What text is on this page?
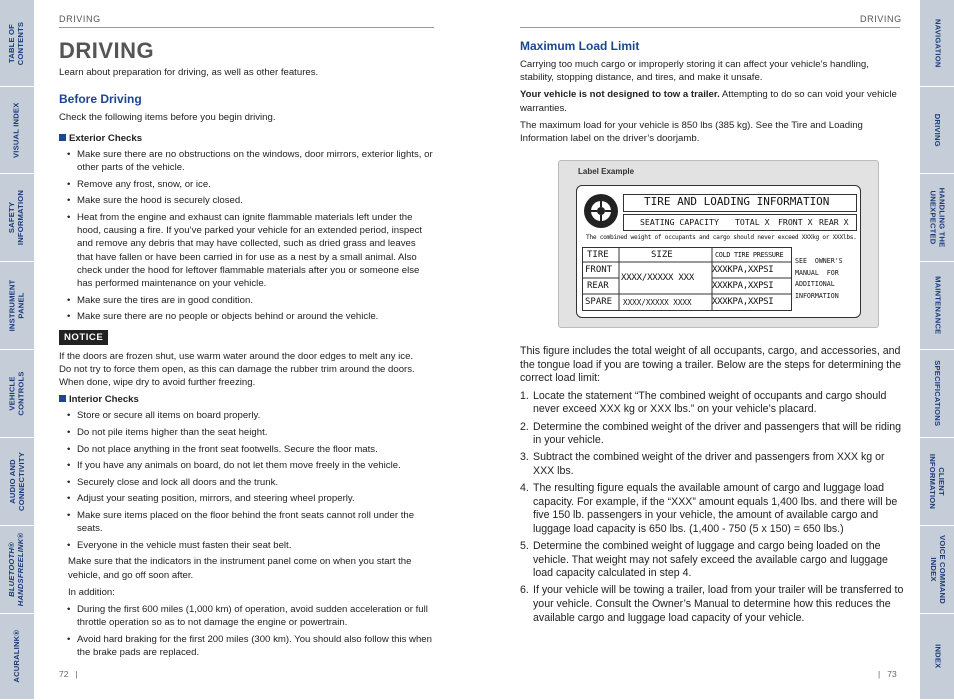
TABLE OF
CONTENTS
VISUAL INDEX
SAFETY
INFORMATION
INSTRUMENT
PANEL
VEHICLE
CONTROLS
AUDIO AND
CONNECTIVITY
BLUETOOTH®
HANDSFREELINK®
ACURALINK®
NAVIGATION
DRIVING
HANDLING THE
UNEXPECTED
MAINTENANCE
SPECIFICATIONS
CLIENT
INFORMATION
VOICE COMMAND
INDEX
INDEX
DRIVING
DRIVING
Learn about preparation for driving, as well as other features.
Before Driving
Check the following items before you begin driving.
Exterior Checks
• Make sure there are no obstructions on the windows, door mirrors, exterior lights, or other parts of the vehicle.
• Remove any frost, snow, or ice.
• Make sure the hood is securely closed.
• Heat from the engine and exhaust can ignite flammable materials left under the hood, causing a fire. If you’ve parked your vehicle for an extended period, inspect and remove any debris that may have collected, such as dried grass and leaves that have fallen or have been carried in for use as a nest by a small animal. Also check under the hood for leftover flammable materials after you or someone else has performed maintenance on your vehicle.
• Make sure the tires are in good condition.
• Make sure there are no people or objects behind or around the vehicle.
NOTICE
If the doors are frozen shut, use warm water around the door edges to melt any ice. Do not try to force them open, as this can damage the rubber trim around the doors. When done, wipe dry to avoid further freezing.
Interior Checks
• Store or secure all items on board properly.
• Do not pile items higher than the seat height.
• Do not place anything in the front seat footwells. Secure the floor mats.
• If you have any animals on board, do not let them move freely in the vehicle.
• Securely close and lock all doors and the trunk.
• Adjust your seating position, mirrors, and steering wheel properly.
• Make sure items placed on the floor behind the front seats cannot roll under the seats.
• Everyone in the vehicle must fasten their seat belt.
Make sure that the indicators in the instrument panel come on when you start the vehicle, and go off soon after.
In addition:
• During the first 600 miles (1,000 km) of operation, avoid sudden acceleration or full throttle operation so as to not damage the engine or powertrain.
• Avoid hard braking for the first 200 miles (300 km). You should also follow this when the brake pads are replaced.
72   |
DRIVING
Maximum Load Limit
Carrying too much cargo or improperly storing it can affect your vehicle’s handling, stability, stopping distance, and tires, and make it unsafe.
Your vehicle is not designed to tow a trailer. Attempting to do so can void your vehicle warranties.
The maximum load for your vehicle is 850 lbs (385 kg). See the Tire and Loading Information label on the driver’s doorjamb.
Label Example
TIRE AND LOADING INFORMATION
SEATING CAPACITY TOTAL X FRONT X REAR X
The combined weight of occupants and cargo should never exceed XXXkg or XXXlbs.
TIRE	SIZE	COLD TIRE PRESSURE
FRONT
REAR
SPARE
XXXX/XXXXX XXX
XXXX/XXXXX XXXX
XXXKPA,XXPSI
XXXKPA,XXPSI
XXXKPA,XXPSI
SEE  OWNER'S
MANUAL  FOR
ADDITIONAL
INFORMATION
This figure includes the total weight of all occupants, cargo, and accessories, and the tongue load if you are towing a trailer. Below are the steps for determining the correct load limit:
1. Locate the statement “The combined weight of occupants and cargo should never exceed XXX kg or XXX lbs.” on your vehicle’s placard.
2. Determine the combined weight of the driver and passengers that will be riding in your vehicle.
3. Subtract the combined weight of the driver and passengers from XXX kg or XXX lbs.
4. The resulting figure equals the available amount of cargo and luggage load capacity. For example, if the “XXX” amount equals 1,400 lbs. and there will be five 150 lb. passengers in your vehicle, the amount of available cargo and luggage load capacity is 650 lbs. (1,400 - 750 (5 x 150) = 650 lbs.)
5. Determine the combined weight of luggage and cargo being loaded on the vehicle. That weight may not safely exceed the available cargo and luggage load capacity calculated in step 4.
6. If your vehicle will be towing a trailer, load from your trailer will be transferred to your vehicle. Consult the Owner’s Manual to determine how this reduces the available cargo and luggage load capacity of your vehicle.
|   73
